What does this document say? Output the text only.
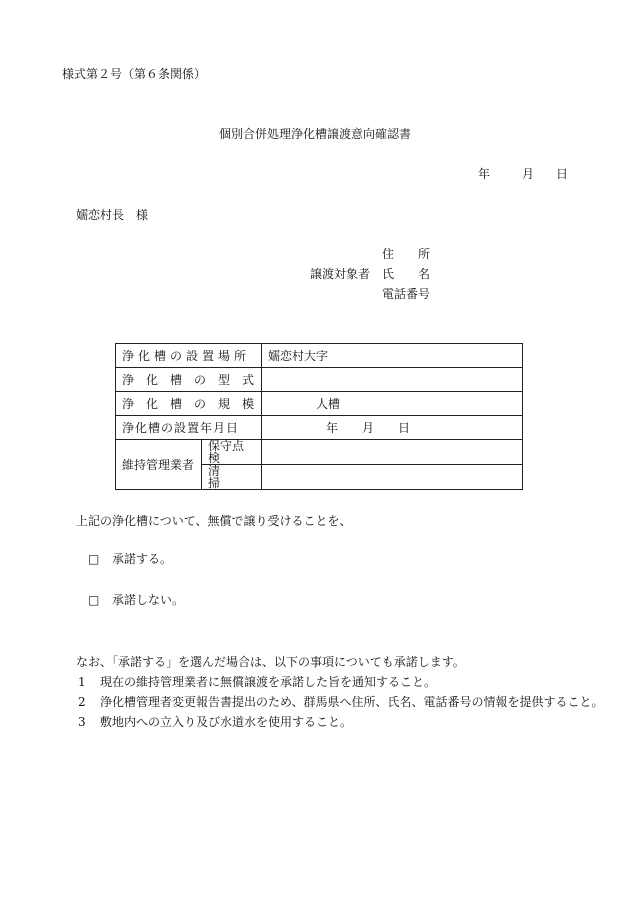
様式第２号（第６条関係）
個別合併処理浄化槽譲渡意向確認書
年	月 日
嬬恋村長　様
譲渡対象者
住　　所
氏　　名
電話番号
浄化槽の設置場所		嬬恋村大字
浄　化　槽　の　型　式		
浄　化　槽　の　規　模		人槽
浄化槽の設置年月日		年　　月　　日
維持管理業者	保守点検	
	清　　掃	
上記の浄化槽について、無償で譲り受けることを、
□ 承諾する。
□ 承諾しない。
なお、「承諾する」を選んだ場合は、以下の事項についても承諾します。
1 現在の維持管理業者に無償譲渡を承諾した旨を通知すること。
2 浄化槽管理者変更報告書提出のため、群馬県へ住所、氏名、電話番号の情報を提供すること。
3 敷地内への立入り及び水道水を使用すること。
